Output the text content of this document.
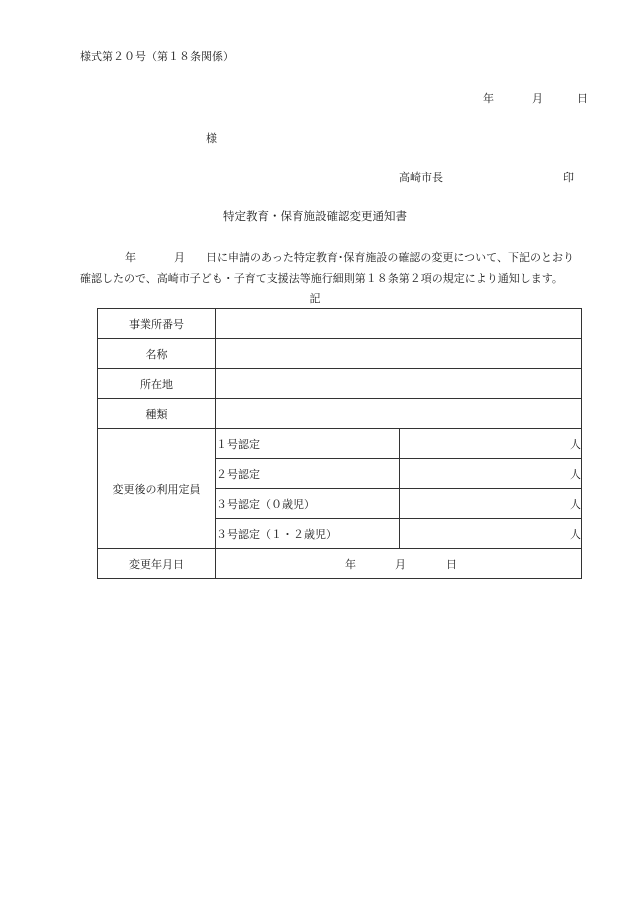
様式第２０号（第１８条関係）
年	月	日
様
高崎市長	印
特定教育・保育施設確認変更通知書
年	月 日に申請のあった特定教育･保育施設の確認の変更について、下記のとおり
確認したので、高崎市子ども・子育て支援法等施行細則第１８条第２項の規定により通知します。
記
事業所番号		
名称		
所在地		
種類		
変更後の利用定員	１号認定	人
	２号認定	人
	３号認定（０歳児）	人
	３号認定（１・２歳児）	人
変更年月日	年 月 日	
